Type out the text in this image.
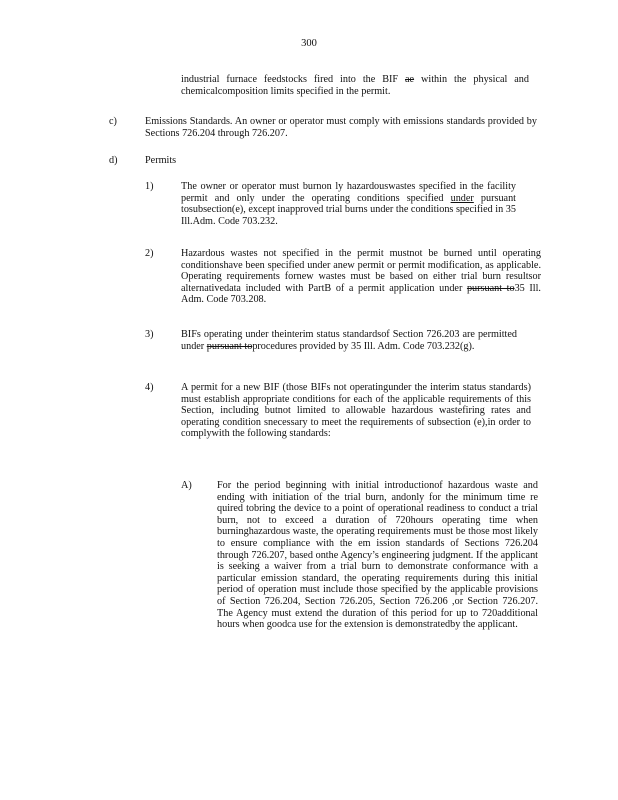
300
industrial furnace feedstocks fired into the BIF ae within the physical and chemicalcomposition limits specified in the permit.
c)	Emissions Standards. An owner or operator must comply with emissions standards provided by Sections 726.204 through 726.207.
d)	Permits
1)	The owner or operator must burnon ly hazardouswastes specified in the facility permit and only under the operating conditions specified under pursuant tosubsection(e), except inapproved trial burns under the conditions specified in 35 Ill.Adm. Code 703.232.
2)	Hazardous wastes not specified in the permit mustnot be burned until operating conditionshave been specified under anew permit or permit modification, as applicable. Operating requirements fornew wastes must be based on either trial burn resultsor alternativedata included with PartB of a permit application under pursuant to35 Ill. Adm. Code 703.208.
3)	BIFs operating under theinterim status standardsof Section 726.203 are permitted under pursuant toprocedures provided by 35 Ill. Adm. Code 703.232(g).
4)	A permit for a new BIF (those BIFs not operatingunder the interim status standards) must establish appropriate conditions for each of the applicable requirements of this Section, including butnot limited to allowable hazardous wastefiring rates and operating condition snecessary to meet the requirements of subsection (e),in order to complywith the following standards:
A) For the period beginning with initial introductionof hazardous waste and ending with initiation of the trial burn, andonly for the minimum time re quired tobring the device to a point of operational readiness to conduct a trial burn, not to exceed a duration of 720hours operating time when burninghazardous waste, the operating requirements must be those most likely to ensure compliance with the em ission standards of Sections 726.204 through 726.207, based onthe Agency’s engineering judgment. If the applicant is seeking a waiver from a trial burn to demonstrate conformance with a particular emission standard, the operating requirements during this initial period of operation must include those specified by the applicable provisions of Section 726.204, Section 726.205, Section 726.206 ,or Section 726.207. The Agency must extend the duration of this period for up to 720additional hours when goodca use for the extension is demonstratedby the applicant.
